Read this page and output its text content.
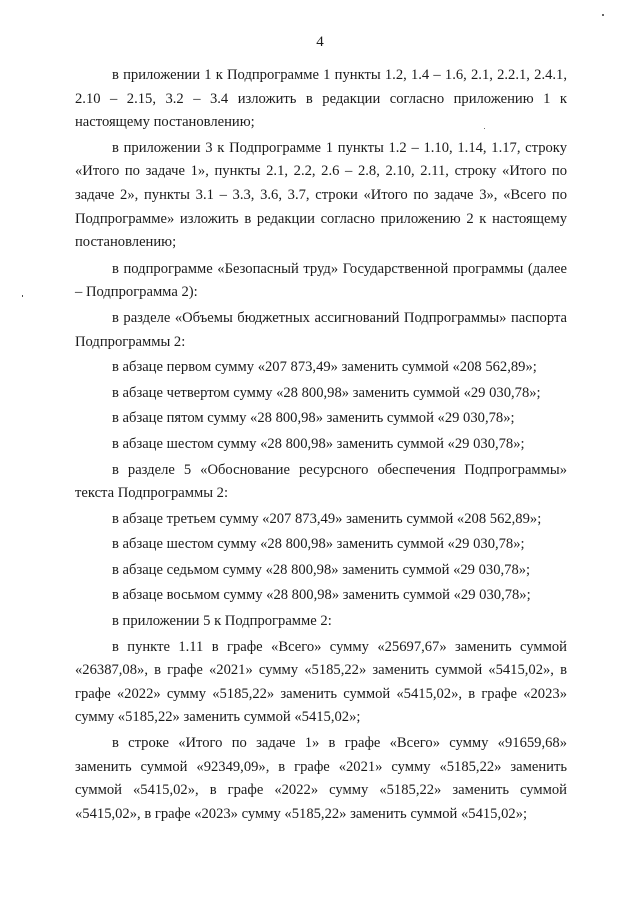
4

в приложении 1 к Подпрограмме 1 пункты 1.2, 1.4 – 1.6, 2.1, 2.2.1, 2.4.1, 2.10 – 2.15, 3.2 – 3.4 изложить в редакции согласно приложению 1 к настоящему постановлению;

в приложении 3 к Подпрограмме 1 пункты 1.2 – 1.10, 1.14, 1.17, строку «Итого по задаче 1», пункты 2.1, 2.2, 2.6 – 2.8, 2.10, 2.11, строку «Итого по задаче 2», пункты 3.1 – 3.3, 3.6, 3.7, строки «Итого по задаче 3», «Всего по Подпрограмме» изложить в редакции согласно приложению 2 к настоящему постановлению;

в подпрограмме «Безопасный труд» Государственной программы (далее – Подпрограмма 2):

в разделе «Объемы бюджетных ассигнований Подпрограммы» паспорта Подпрограммы 2:

в абзаце первом сумму «207 873,49» заменить суммой «208 562,89»;

в абзаце четвертом сумму «28 800,98» заменить суммой «29 030,78»;

в абзаце пятом сумму «28 800,98» заменить суммой «29 030,78»;

в абзаце шестом сумму «28 800,98» заменить суммой «29 030,78»;

в разделе 5 «Обоснование ресурсного обеспечения Подпрограммы» текста Подпрограммы 2:

в абзаце третьем сумму «207 873,49» заменить суммой «208 562,89»;

в абзаце шестом сумму «28 800,98» заменить суммой «29 030,78»;

в абзаце седьмом сумму «28 800,98» заменить суммой «29 030,78»;

в абзаце восьмом сумму «28 800,98» заменить суммой «29 030,78»;

в приложении 5 к Подпрограмме 2:

в пункте 1.11 в графе «Всего» сумму «25697,67» заменить суммой «26387,08», в графе «2021» сумму «5185,22» заменить суммой «5415,02», в графе «2022» сумму «5185,22» заменить суммой «5415,02», в графе «2023» сумму «5185,22» заменить суммой «5415,02»;

в строке «Итого по задаче 1» в графе «Всего» сумму «91659,68» заменить суммой «92349,09», в графе «2021» сумму «5185,22» заменить суммой «5415,02», в графе «2022» сумму «5185,22» заменить суммой «5415,02», в графе «2023» сумму «5185,22» заменить суммой «5415,02»;
